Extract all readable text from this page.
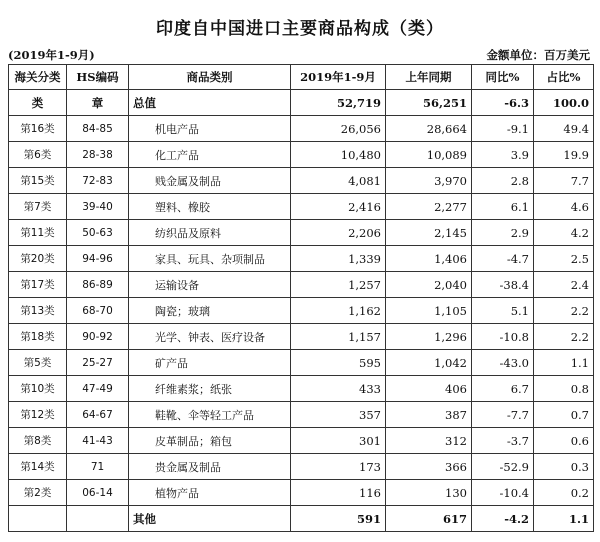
印度自中国进口主要商品构成（类）
(2019年1-9月)	金额单位：百万美元
海关分类	HS编码	商品类别	2019年1-9月	上年同期	同比%	占比%
类	章	总值	52,719	56,251	-6.3	100.0
第16类	84-85	机电产品	26,056	28,664	-9.1	49.4
第6类	28-38	化工产品	10,480	10,089	3.9	19.9
第15类	72-83	贱金属及制品	4,081	3,970	2.8	7.7
第7类	39-40	塑料、橡胶	2,416	2,277	6.1	4.6
第11类	50-63	纺织品及原料	2,206	2,145	2.9	4.2
第20类	94-96	家具、玩具、杂项制品	1,339	1,406	-4.7	2.5
第17类	86-89	运输设备	1,257	2,040	-38.4	2.4
第13类	68-70	陶瓷；玻璃	1,162	1,105	5.1	2.2
第18类	90-92	光学、钟表、医疗设备	1,157	1,296	-10.8	2.2
第5类	25-27	矿产品	595	1,042	-43.0	1.1
第10类	47-49	纤维素浆；纸张	433	406	6.7	0.8
第12类	64-67	鞋靴、伞等轻工产品	357	387	-7.7	0.7
第8类	41-43	皮革制品；箱包	301	312	-3.7	0.6
第14类	71	贵金属及制品	173	366	-52.9	0.3
第2类	06-14	植物产品	116	130	-10.4	0.2
		其他	591	617	-4.2	1.1
